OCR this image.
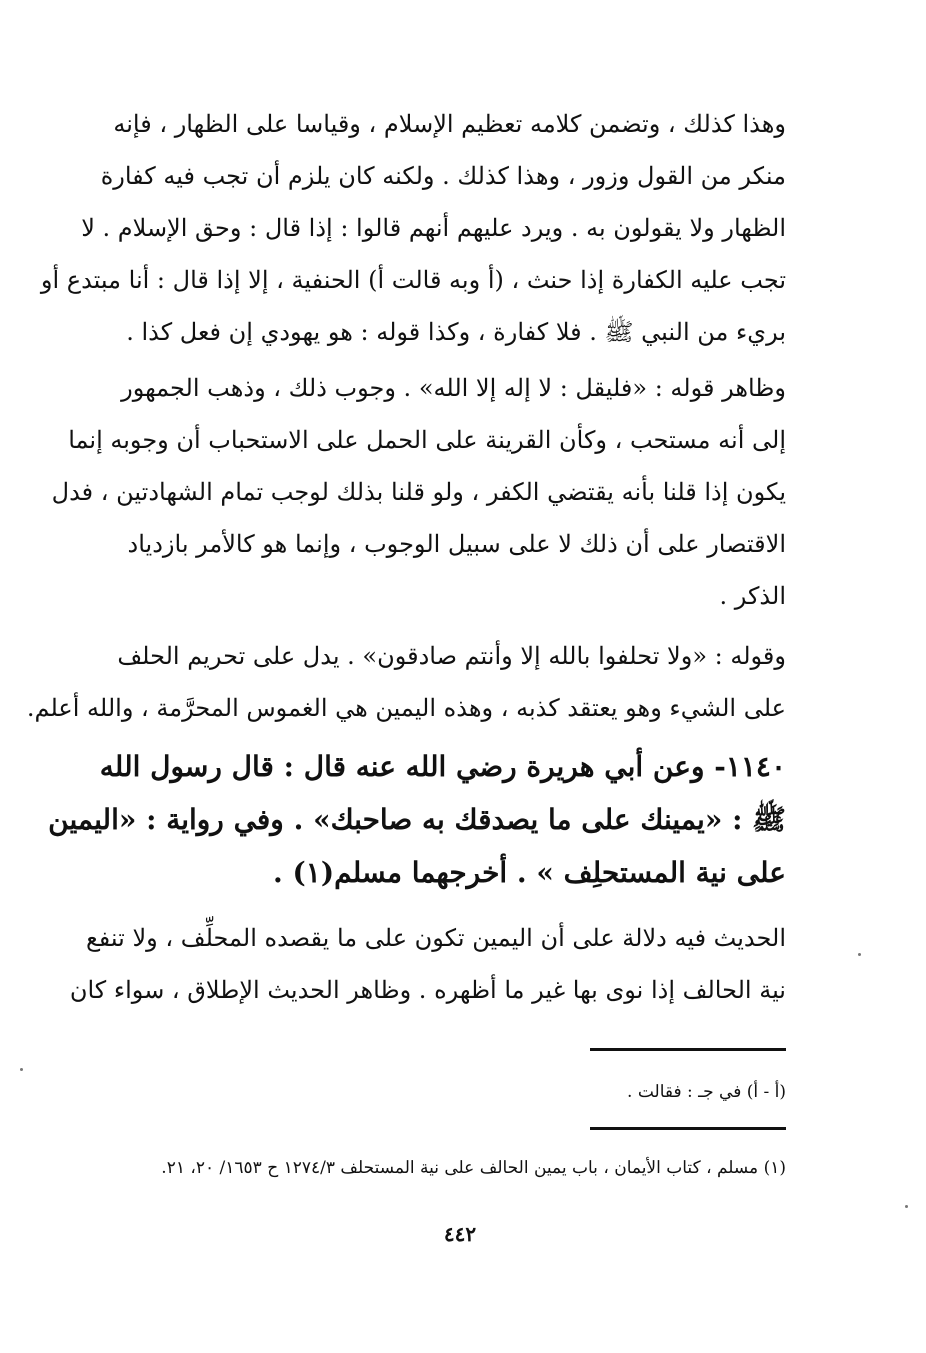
وهذا كذلك ، وتضمن كلامه تعظيم الإسلام ، وقياسا على الظهار ، فإنه
منكر من القول وزور ، وهذا كذلك . ولكنه كان يلزم أن تجب فيه كفارة
الظهار ولا يقولون به . ويرد عليهم أنهم قالوا : إذا قال : وحق الإسلام . لا
تجب عليه الكفارة إذا حنث ، (أ وبه قالت أ) الحنفية ، إلا إذا قال : أنا مبتدع أو
بريء من النبي ﷺ . فلا كفارة ، وكذا قوله : هو يهودي إن فعل كذا .
وظاهر قوله : «فليقل : لا إله إلا الله» . وجوب ذلك ، وذهب الجمهور
إلى أنه مستحب ، وكأن القرينة على الحمل على الاستحباب أن وجوبه إنما
يكون إذا قلنا بأنه يقتضي الكفر ، ولو قلنا بذلك لوجب تمام الشهادتين ، فدل
الاقتصار على أن ذلك لا على سبيل الوجوب ، وإنما هو كالأمر بازدياد
الذكر .
وقوله : «ولا تحلفوا بالله إلا وأنتم صادقون» . يدل على تحريم الحلف
على الشيء وهو يعتقد كذبه ، وهذه اليمين هي الغموس المحرَّمة ، والله أعلم.
١١٤٠- وعن أبي هريرة رضي الله عنه قال : قال رسول الله
ﷺ : «يمينك على ما يصدقك به صاحبك» . وفي رواية : «اليمين
على نية المستحلِف » . أخرجهما مسلم(١) .
الحديث فيه دلالة على أن اليمين تكون على ما يقصده المحلِّف ، ولا تنفع
نية الحالف إذا نوى بها غير ما أظهره . وظاهر الحديث الإطلاق ، سواء كان
(أ - أ) في جـ : فقالت .
(١) مسلم ، كتاب الأيمان ، باب يمين الحالف على نية المستحلف ١٢٧٤/٣ ح ١٦٥٣/ ٢٠، ٢١.
٤٤٢
